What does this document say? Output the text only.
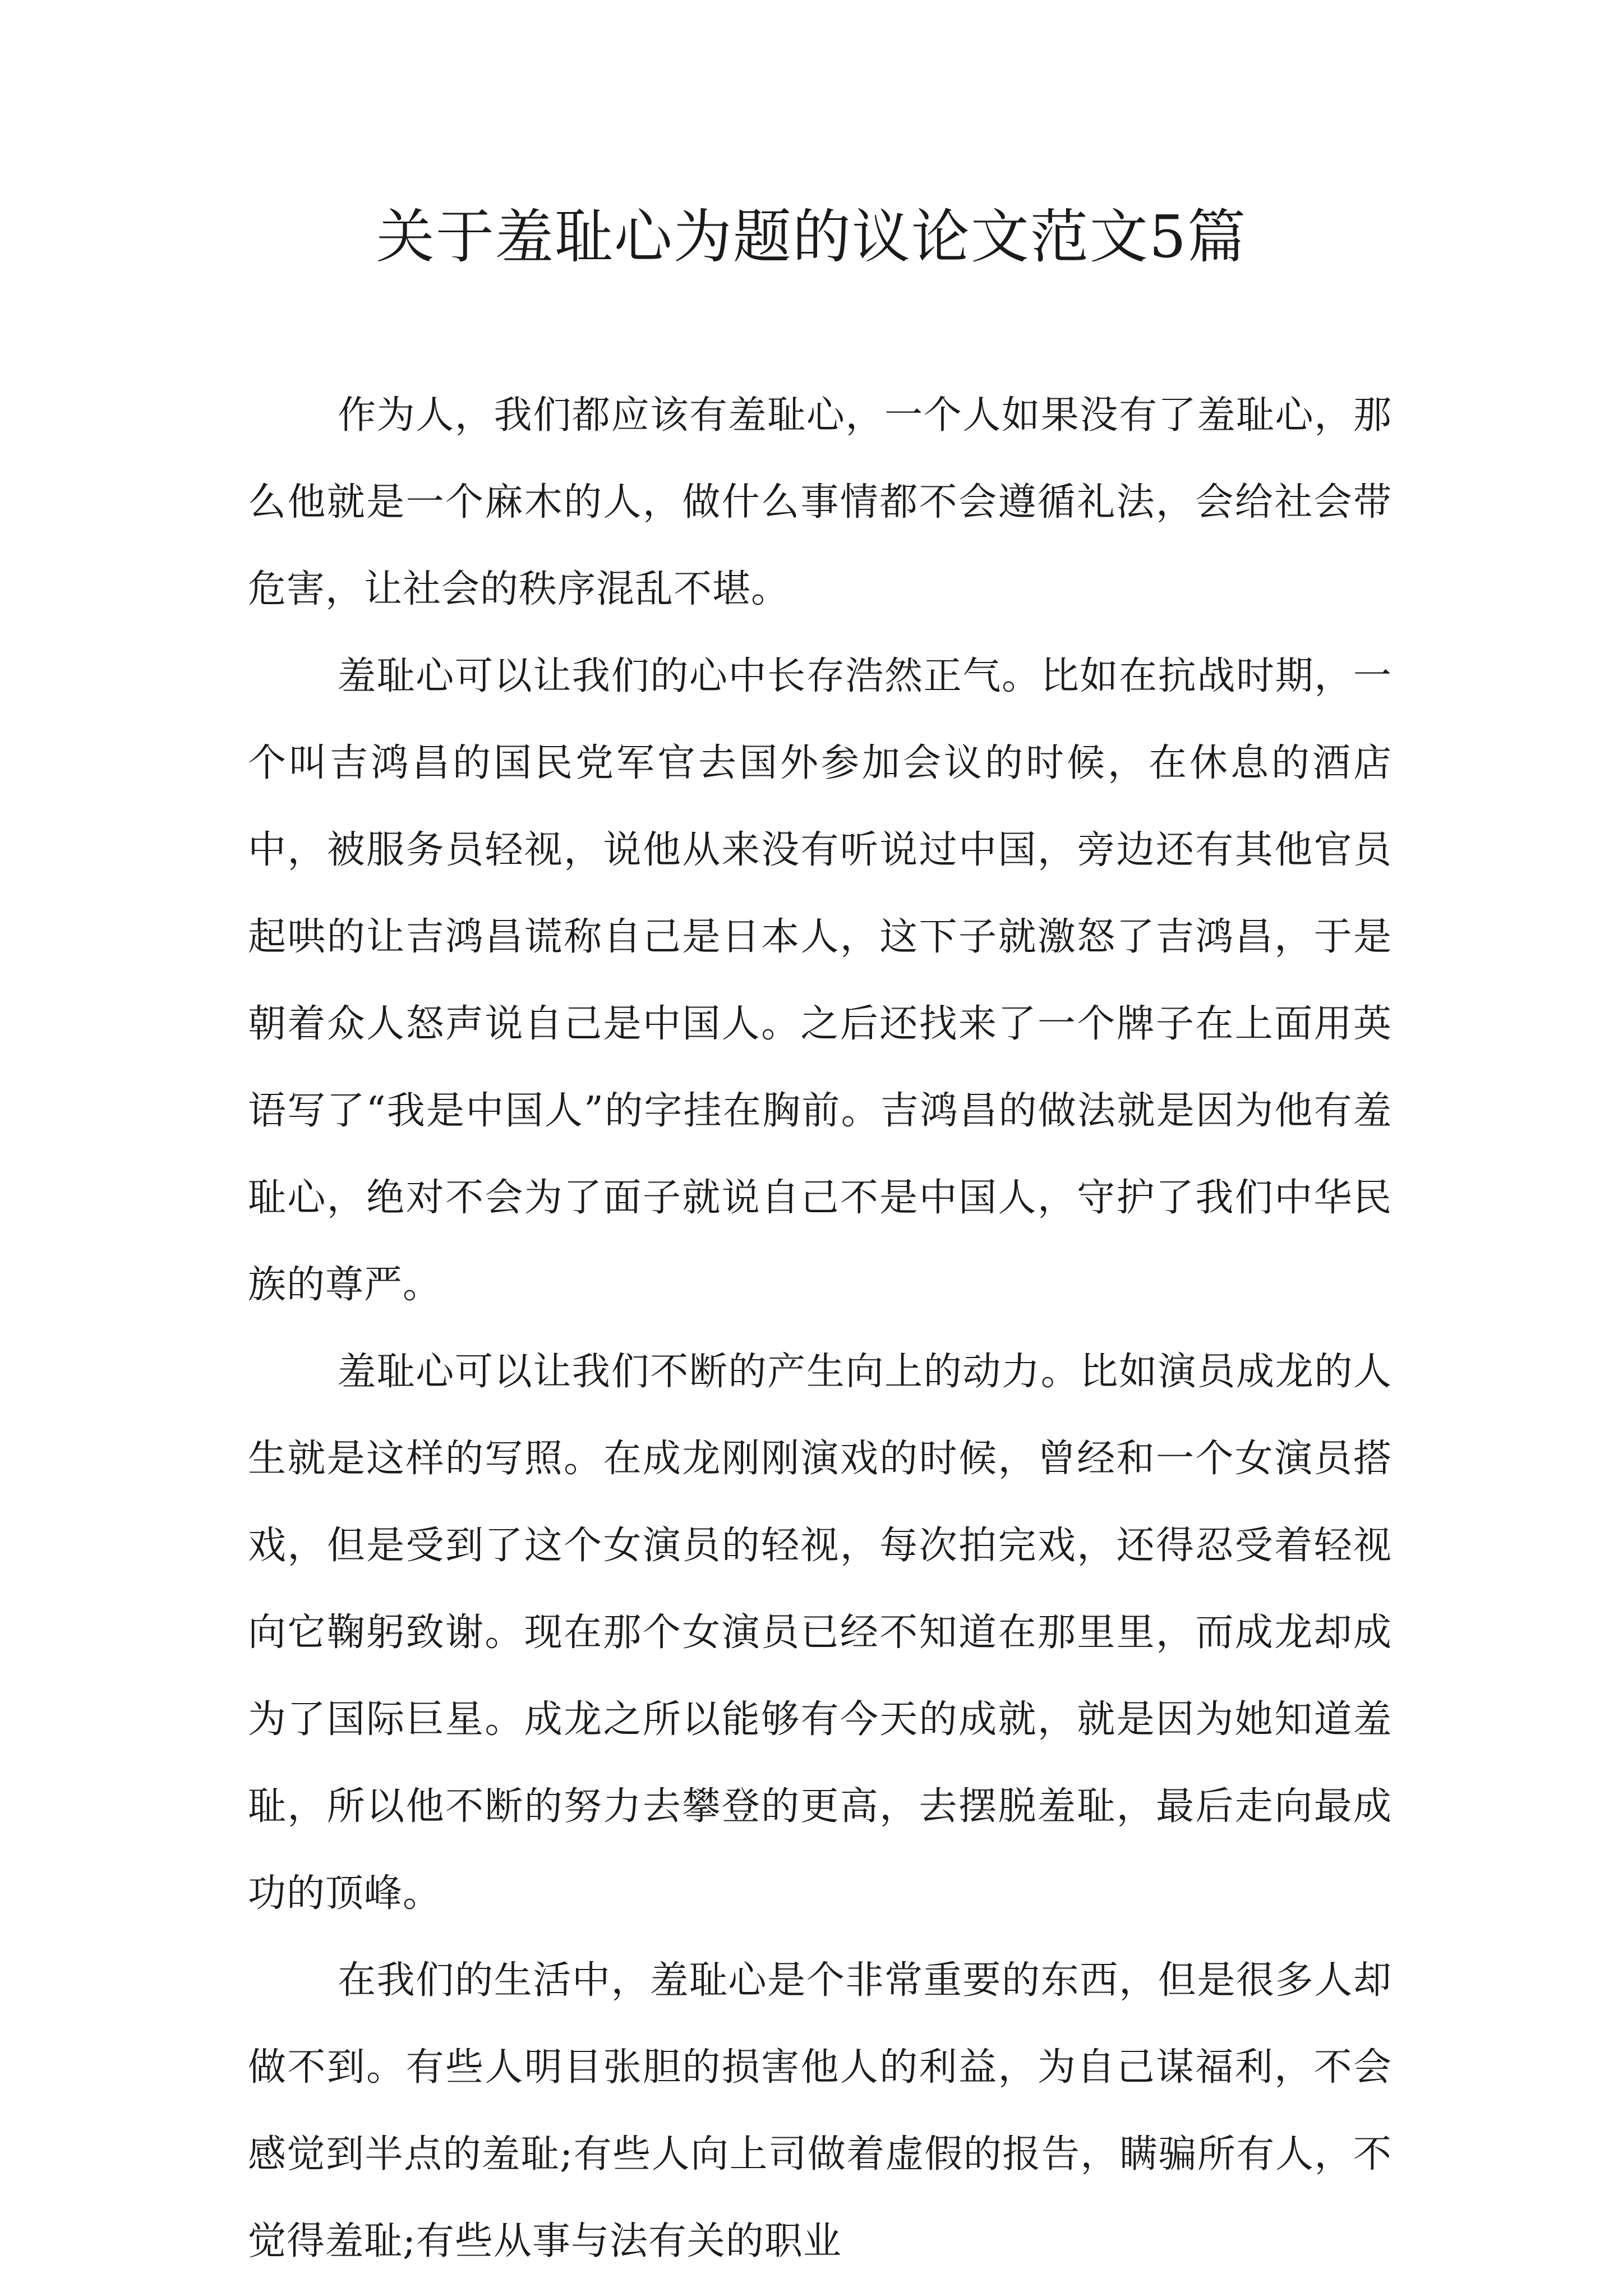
关于羞耻心为题的议论文范文5篇

作为人，我们都应该有羞耻心，一个人如果没有了羞耻心，那么他就是一个麻木的人，做什么事情都不会遵循礼法，会给社会带危害，让社会的秩序混乱不堪。

羞耻心可以让我们的心中长存浩然正气。比如在抗战时期，一个叫吉鸿昌的国民党军官去国外参加会议的时候，在休息的酒店中，被服务员轻视，说他从来没有听说过中国，旁边还有其他官员起哄的让吉鸿昌谎称自己是日本人，这下子就激怒了吉鸿昌，于是朝着众人怒声说自己是中国人。之后还找来了一个牌子在上面用英语写了“我是中国人”的字挂在胸前。吉鸿昌的做法就是因为他有羞耻心，绝对不会为了面子就说自己不是中国人，守护了我们中华民族的尊严。

羞耻心可以让我们不断的产生向上的动力。比如演员成龙的人生就是这样的写照。在成龙刚刚演戏的时候，曾经和一个女演员搭戏，但是受到了这个女演员的轻视，每次拍完戏，还得忍受着轻视向它鞠躬致谢。现在那个女演员已经不知道在那里里，而成龙却成为了国际巨星。成龙之所以能够有今天的成就，就是因为她知道羞耻，所以他不断的努力去攀登的更高，去摆脱羞耻，最后走向最成功的顶峰。

在我们的生活中，羞耻心是个非常重要的东西，但是很多人却做不到。有些人明目张胆的损害他人的利益，为自己谋福利，不会感觉到半点的羞耻;有些人向上司做着虚假的报告，瞒骗所有人，不觉得羞耻;有些从事与法有关的职业
